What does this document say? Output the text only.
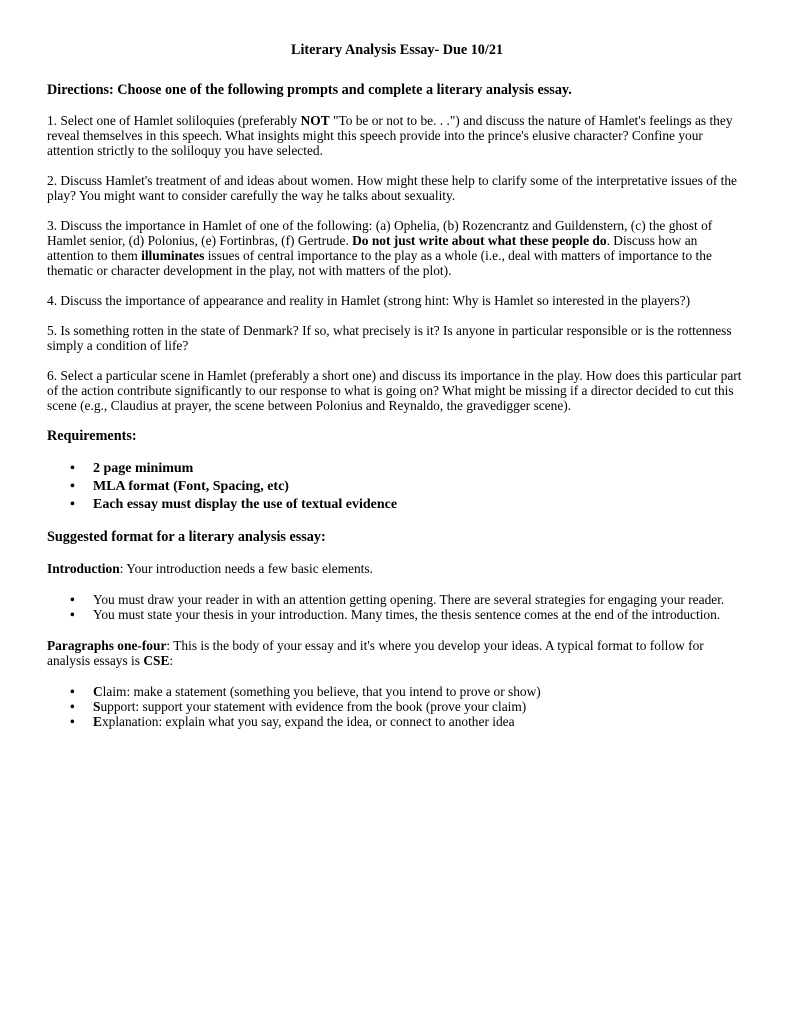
Literary Analysis Essay- Due 10/21
Directions: Choose one of the following prompts and complete a literary analysis essay.

1. Select one of Hamlet soliloquies (preferably NOT "To be or not to be. . .") and discuss the nature of Hamlet's feelings as they reveal themselves in this speech. What insights might this speech provide into the prince's elusive character? Confine your attention strictly to the soliloquy you have selected.

2. Discuss Hamlet's treatment of and ideas about women. How might these help to clarify some of the interpretative issues of the play? You might want to consider carefully the way he talks about sexuality.

3. Discuss the importance in Hamlet of one of the following: (a) Ophelia, (b) Rozencrantz and Guildenstern, (c) the ghost of Hamlet senior, (d) Polonius, (e) Fortinbras, (f) Gertrude. Do not just write about what these people do. Discuss how an attention to them illuminates issues of central importance to the play as a whole (i.e., deal with matters of importance to the thematic or character development in the play, not with matters of the plot).

4. Discuss the importance of appearance and reality in Hamlet (strong hint: Why is Hamlet so interested in the players?)

5. Is something rotten in the state of Denmark? If so, what precisely is it? Is anyone in particular responsible or is the rottenness simply a condition of life?

6. Select a particular scene in Hamlet (preferably a short one) and discuss its importance in the play. How does this particular part of the action contribute significantly to our response to what is going on? What might be missing if a director decided to cut this scene (e.g., Claudius at prayer, the scene between Polonius and Reynaldo, the gravedigger scene).

Requirements:
• 2 page minimum
• MLA format (Font, Spacing, etc)
• Each essay must display the use of textual evidence
Suggested format for a literary analysis essay:

Introduction: Your introduction needs a few basic elements.

• You must draw your reader in with an attention getting opening. There are several strategies for engaging your reader.
• You must state your thesis in your introduction. Many times, the thesis sentence comes at the end of the introduction.

Paragraphs one-four: This is the body of your essay and it's where you develop your ideas. A typical format to follow for analysis essays is CSE:

• Claim: make a statement (something you believe, that you intend to prove or show)
• Support: support your statement with evidence from the book (prove your claim)
• Explanation: explain what you say, expand the idea, or connect to another idea
